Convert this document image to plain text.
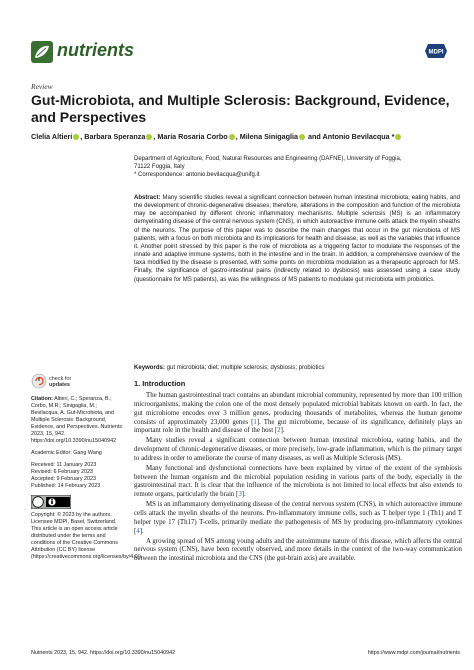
nutrients	MDPI
Review
Gut-Microbiota, and Multiple Sclerosis: Background, Evidence, and Perspectives
Clelia Altieri , Barbara Speranza , Maria Rosaria Corbo , Milena Sinigaglia and Antonio Bevilacqua *
Department of Agriculture, Food, Natural Resources and Engineering (DAFNE), University of Foggia,
71122 Foggia, Italy
* Correspondence: antonio.bevilacqua@unifg.it
Abstract: Many scientific studies reveal a significant connection between human intestinal microbiota, eating habits, and the development of chronic-degenerative diseases; therefore, alterations in the composition and function of the microbiota may be accompanied by different chronic inflammatory mechanisms. Multiple sclerosis (MS) is an inflammatory demyelinating disease of the central nervous system (CNS), in which autoreactive immune cells attack the myelin sheaths of the neurons. The purpose of this paper was to describe the main changes that occur in the gut microbiota of MS patients, with a focus on both microbiota and its implications for health and disease, as well as the variables that influence it. Another point stressed by this paper is the role of microbiota as a triggering factor to modulate the responses of the innate and adaptive immune systems, both in the intestine and in the brain. In addition, a comprehensive overview of the taxa modified by the disease is presented, with some points on microbiota modulation as a therapeutic approach for MS. Finally, the significance of gastro-intestinal pains (indirectly related to dysbiosis) was assessed using a case study (questionnaire for MS patients), as was the willingness of MS patients to modulate gut microbiota with probiotics.
Keywords: gut microbiota; diet; multiple sclerosis; dysbiosis; probiotics
check for
updates
Citation: Altieri, C.; Speranza, B.; Corbo, M.R.; Sinigaglia, M.; Bevilacqua, A. Gut-Microbiota, and Multiple Sclerosis: Background, Evidence, and Perspectives. Nutrients 2023, 15, 942. https://doi.org/10.3390/nu15040942
Academic Editor: Gang Wang
Received: 11 January 2023
Revised: 6 February 2023
Accepted: 9 February 2023
Published: 14 February 2023
Copyright: © 2023 by the authors. Licensee MDPI, Basel, Switzerland. This article is an open access article distributed under the terms and conditions of the Creative Commons Attribution (CC BY) license (https://creativecommons.org/licenses/by/4.0/).
1. Introduction

The human gastrointestinal tract contains an abundant microbial community, represented by more than 100 trillion microorganisms, making the colon one of the most densely populated microbial habitats known on earth. In fact, the gut microbiome encodes over 3 million genes, producing thousands of metabolites, whereas the human genome consists of approximately 23,000 genes [1]. The gut microbiome, because of its significance, definitely plays an important role in the health and disease of the host [2].

Many studies reveal a significant connection between human intestinal microbiota, eating habits, and the development of chronic-degenerative diseases, or more precisely, low-grade inflammation, which is the primary target to address in order to ameliorate the course of many diseases, as well as Multiple Sclerosis (MS).

Many functional and dysfunctional connections have been explained by virtue of the extent of the symbiosis between the human organism and the microbial population residing in various parts of the body, especially in the gastrointestinal tract. It is clear that the influence of the microbiota is not limited to local effects but also extends to remote organs, particularly the brain [3].

MS is an inflammatory demyelinating disease of the central nervous system (CNS), in which autoreactive immune cells attack the myelin sheaths of the neurons. Pro-inflammatory immune cells, such as T helper type 1 (Th1) and T helper type 17 (Th17) T-cells, primarily mediate the pathogenesis of MS by producing pro-inflammatory cytokines [4].

A growing spread of MS among young adults and the autoimmune nature of this disease, which affects the central nervous system (CNS), have been recently observed, and more details in the context of the two-way communication between the intestinal microbiota and the CNS (the gut-brain axis) are available.

Nutrients 2023, 15, 942. https://doi.org/10.3390/nu15040942	https://www.mdpi.com/journal/nutrients
